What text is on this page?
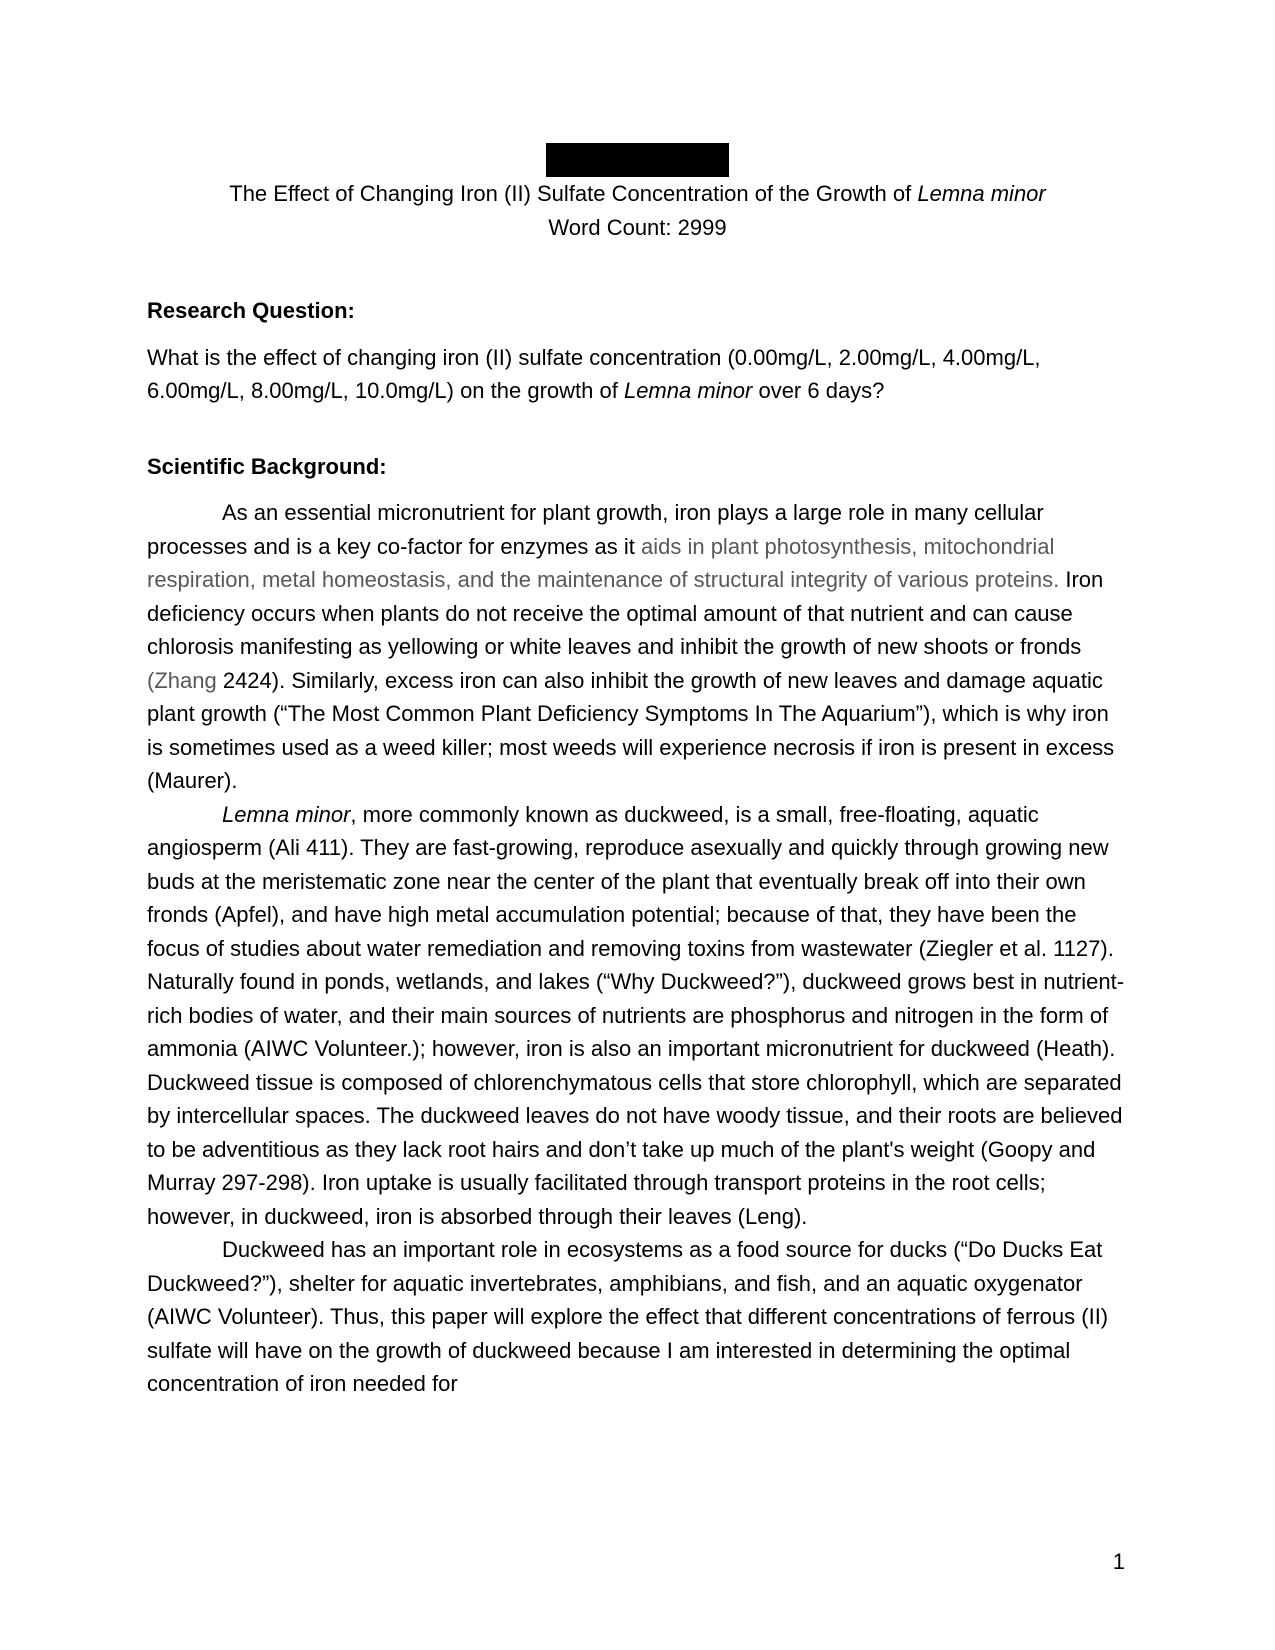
The Effect of Changing Iron (II) Sulfate Concentration of the Growth of Lemna minor

Word Count: 2999

Research Question:

What is the effect of changing iron (II) sulfate concentration (0.00mg/L, 2.00mg/L, 4.00mg/L, 6.00mg/L, 8.00mg/L, 10.0mg/L) on the growth of Lemna minor over 6 days?

Scientific Background:

As an essential micronutrient for plant growth, iron plays a large role in many cellular processes and is a key co-factor for enzymes as it aids in plant photosynthesis, mitochondrial respiration, metal homeostasis, and the maintenance of structural integrity of various proteins. Iron deficiency occurs when plants do not receive the optimal amount of that nutrient and can cause chlorosis manifesting as yellowing or white leaves and inhibit the growth of new shoots or fronds (Zhang 2424). Similarly, excess iron can also inhibit the growth of new leaves and damage aquatic plant growth (“The Most Common Plant Deficiency Symptoms In The Aquarium”), which is why iron is sometimes used as a weed killer; most weeds will experience necrosis if iron is present in excess (Maurer).

Lemna minor, more commonly known as duckweed, is a small, free-floating, aquatic angiosperm (Ali 411). They are fast-growing, reproduce asexually and quickly through growing new buds at the meristematic zone near the center of the plant that eventually break off into their own fronds (Apfel), and have high metal accumulation potential; because of that, they have been the focus of studies about water remediation and removing toxins from wastewater (Ziegler et al. 1127). Naturally found in ponds, wetlands, and lakes (“Why Duckweed?”), duckweed grows best in nutrient-rich bodies of water, and their main sources of nutrients are phosphorus and nitrogen in the form of ammonia (AIWC Volunteer.); however, iron is also an important micronutrient for duckweed (Heath). Duckweed tissue is composed of chlorenchymatous cells that store chlorophyll, which are separated by intercellular spaces. The duckweed leaves do not have woody tissue, and their roots are believed to be adventitious as they lack root hairs and don’t take up much of the plant's weight (Goopy and Murray 297-298). Iron uptake is usually facilitated through transport proteins in the root cells; however, in duckweed, iron is absorbed through their leaves (Leng).

Duckweed has an important role in ecosystems as a food source for ducks (“Do Ducks Eat Duckweed?”), shelter for aquatic invertebrates, amphibians, and fish, and an aquatic oxygenator (AIWC Volunteer). Thus, this paper will explore the effect that different concentrations of ferrous (II) sulfate will have on the growth of duckweed because I am interested in determining the optimal concentration of iron needed for

1
